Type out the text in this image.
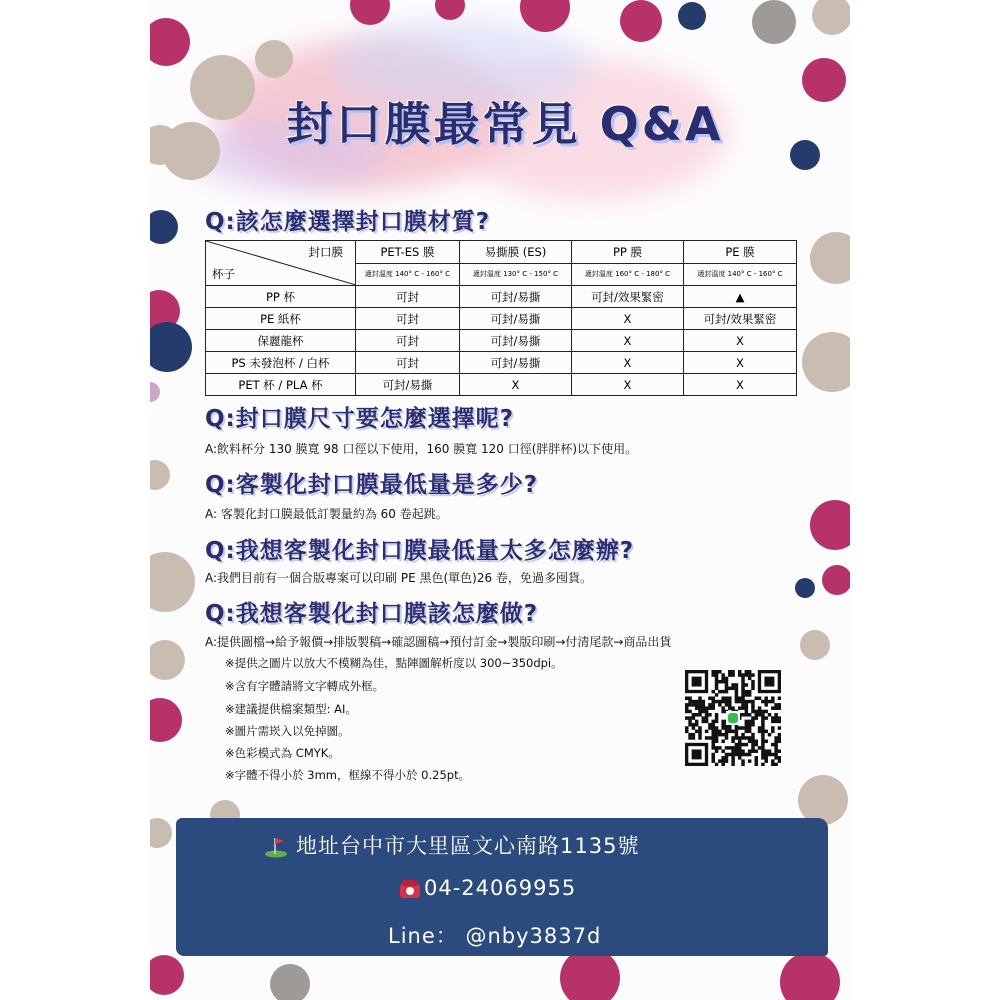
封口膜最常見 Q&A
Q:該怎麼選擇封口膜材質?
封口膜
杯子	PET-ES 膜	易撕膜 (ES)	PP 膜	PE 膜
	適封溫度 140° C - 160° C	適封溫度 130° C - 150° C	適封溫度 160° C - 180° C	適封溫度 140° C - 160° C
PP 杯	可封	可封/易撕	可封/效果緊密	▲
PE 紙杯	可封	可封/易撕	X	可封/效果緊密
保麗龍杯	可封	可封/易撕	X	X
PS 未發泡杯 / 白杯	可封	可封/易撕	X	X
PET 杯 / PLA 杯	可封/易撕	X	X	X
Q:封口膜尺寸要怎麼選擇呢?
A:飲料杯分 130 膜寬 98 口徑以下使用，160 膜寬 120 口徑(胖胖杯)以下使用。
Q:客製化封口膜最低量是多少?
A: 客製化封口膜最低訂製量約為 60 卷起跳。
Q:我想客製化封口膜最低量太多怎麼辦?
A:我們目前有一個合版專案可以印刷 PE 黑色(單色)26 卷，免過多囤貨。
Q:我想客製化封口膜該怎麼做?
A:提供圖檔→給予報價→排版製稿→確認圖稿→預付訂金→製版印刷→付清尾款→商品出貨
※提供之圖片以放大不模糊為佳，點陣圖解析度以 300~350dpi。
※含有字體請將文字轉成外框。
※建議提供檔案類型: AI。
※圖片需崁入以免掉圖。
※色彩模式為 CMYK。
※字體不得小於 3mm，框線不得小於 0.25pt。
地址台中市大里區文心南路1135號
04-24069955
Line： @nby3837d
